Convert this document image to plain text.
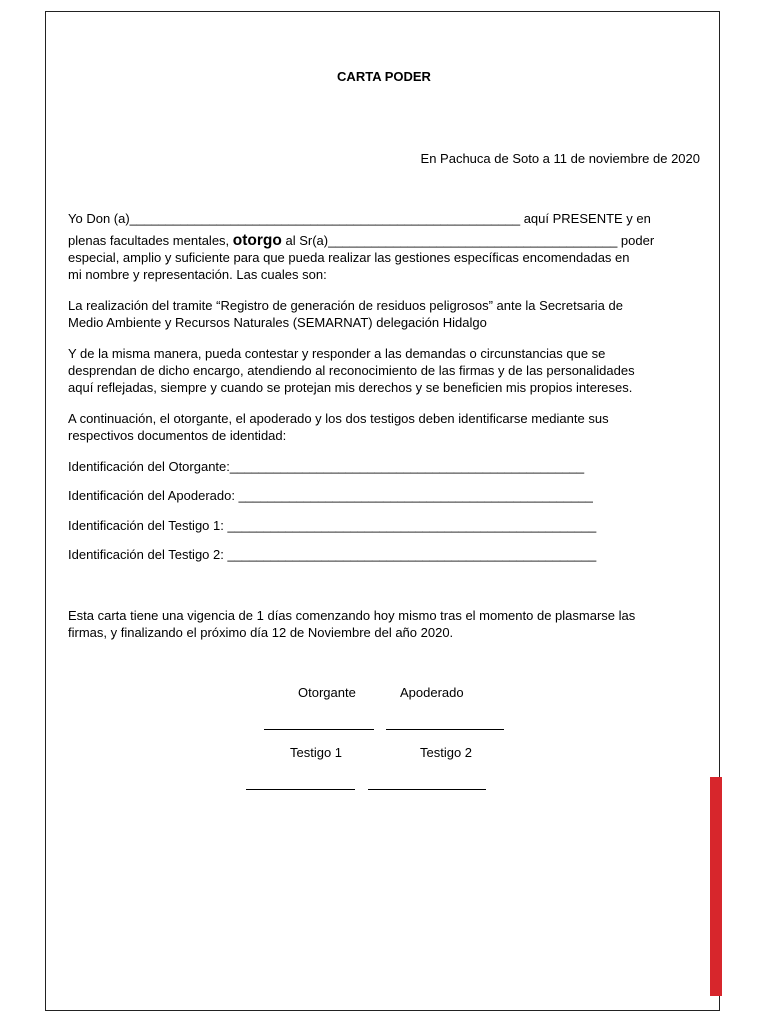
CARTA PODER
En Pachuca de Soto a 11 de noviembre de 2020

Yo Don (a)______________________________________________________ aquí PRESENTE y en

plenas facultades mentales, otorgo al Sr(a)________________________________________ poder

especial, amplio y suficiente para que pueda realizar las gestiones específicas encomendadas en

mi nombre y representación. Las cuales son:

La realización del tramite “Registro de generación de residuos peligrosos” ante la Secretsaria de

Medio Ambiente y Recursos Naturales (SEMARNAT) delegación Hidalgo

Y de la misma manera, pueda contestar y responder a las demandas o circunstancias que se

desprendan de dicho encargo, atendiendo al reconocimiento de las firmas y de las personalidades

aquí reflejadas, siempre y cuando se protejan mis derechos y se beneficien mis propios intereses.

A continuación, el otorgante, el apoderado y los dos testigos deben identificarse mediante sus

respectivos documentos de identidad:

Identificación del Otorgante:_________________________________________________
Identificación del Apoderado: _________________________________________________
Identificación del Testigo 1: ___________________________________________________
Identificación del Testigo 2: ___________________________________________________

Esta carta tiene una vigencia de 1 días comenzando hoy mismo tras el momento de plasmarse las

firmas, y finalizando el próximo día 12 de Noviembre del año 2020.

Otorgante	Apoderado
Testigo 1	Testigo 2
